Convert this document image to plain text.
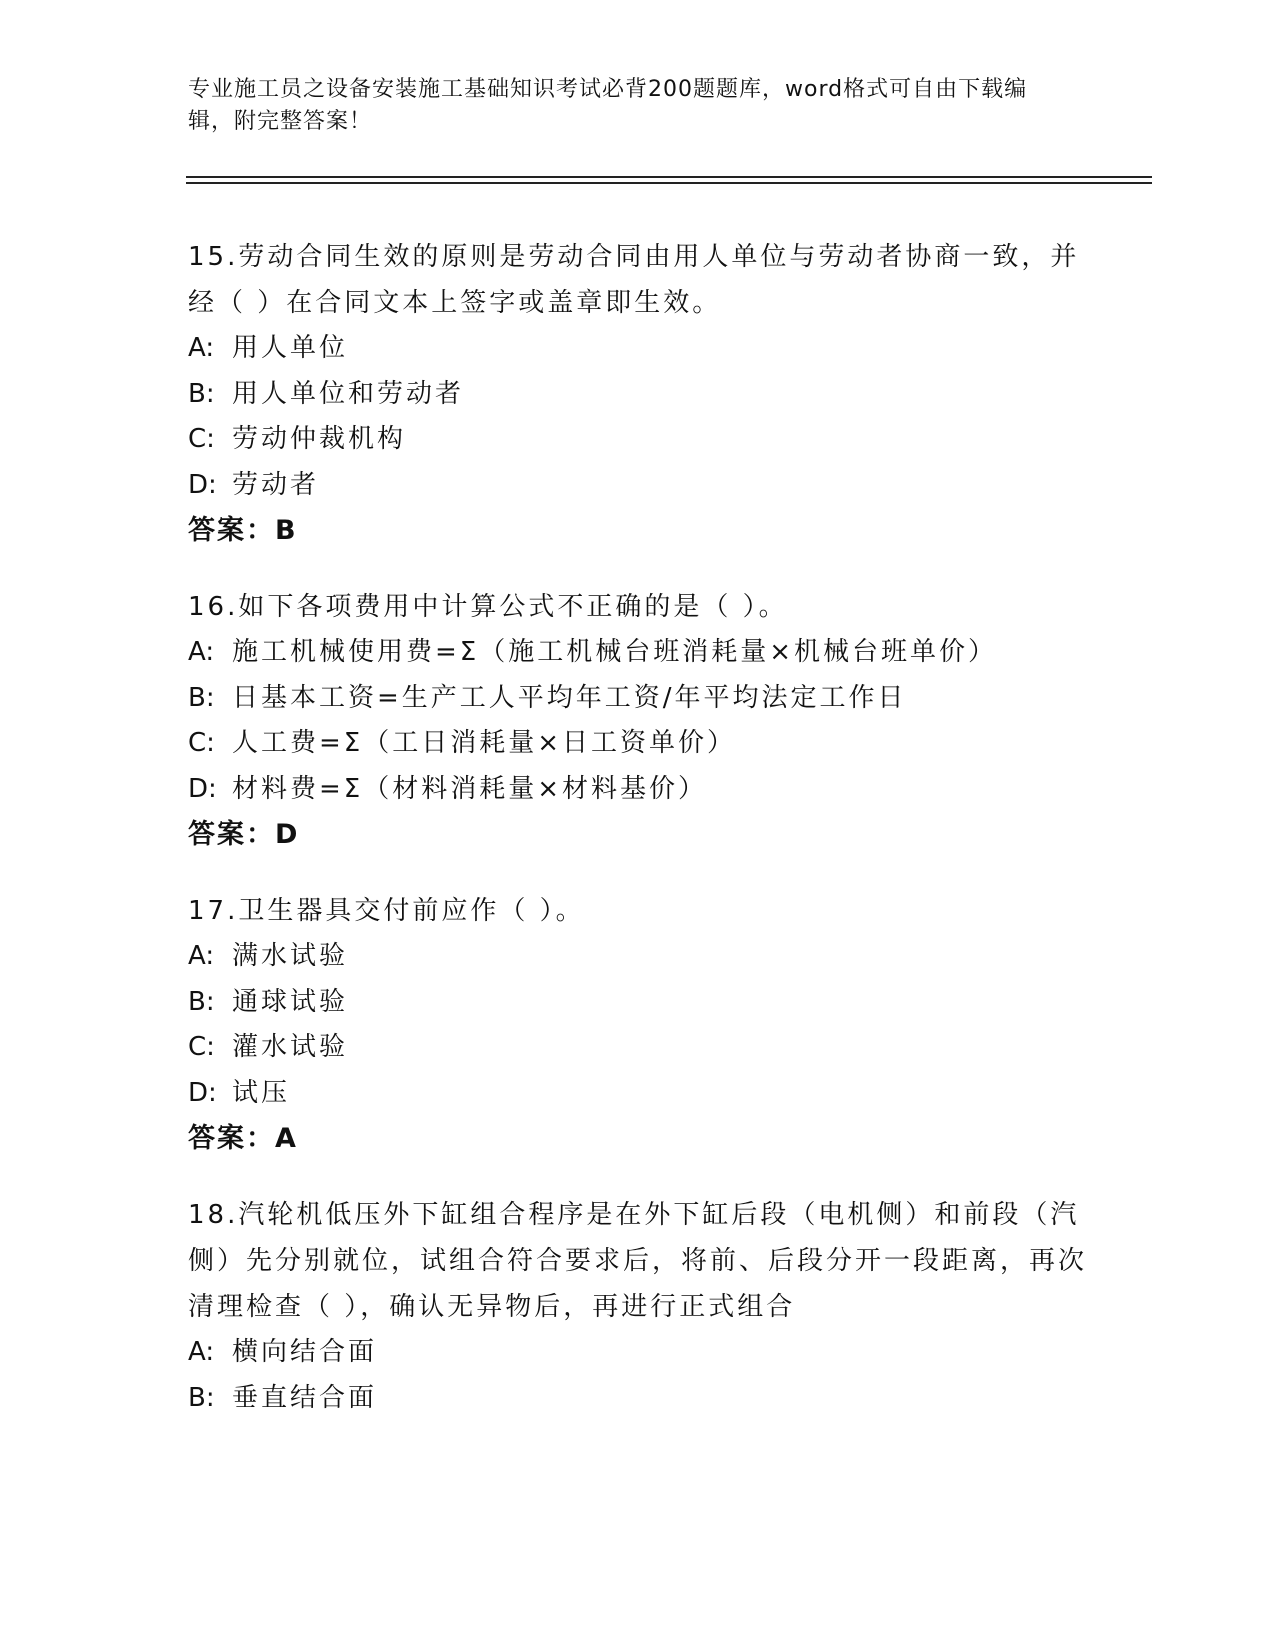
专业施工员之设备安装施工基础知识考试必背200题题库，word格式可自由下载编辑，附完整答案！
15.劳动合同生效的原则是劳动合同由用人单位与劳动者协商一致，并经（ ）在合同文本上签字或盖章即生效。
A: 用人单位
B: 用人单位和劳动者
C: 劳动仲裁机构
D: 劳动者
答案：B
16.如下各项费用中计算公式不正确的是（ ）。
A: 施工机械使用费=Σ（施工机械台班消耗量×机械台班单价）
B: 日基本工资=生产工人平均年工资/年平均法定工作日
C: 人工费=Σ（工日消耗量×日工资单价）
D: 材料费=Σ（材料消耗量×材料基价）
答案：D
17.卫生器具交付前应作（ ）。
A: 满水试验
B: 通球试验
C: 灌水试验
D: 试压
答案：A
18.汽轮机低压外下缸组合程序是在外下缸后段（电机侧）和前段（汽侧）先分别就位，试组合符合要求后，将前、后段分开一段距离，再次清理检查（ ），确认无异物后，再进行正式组合
A: 横向结合面
B: 垂直结合面
